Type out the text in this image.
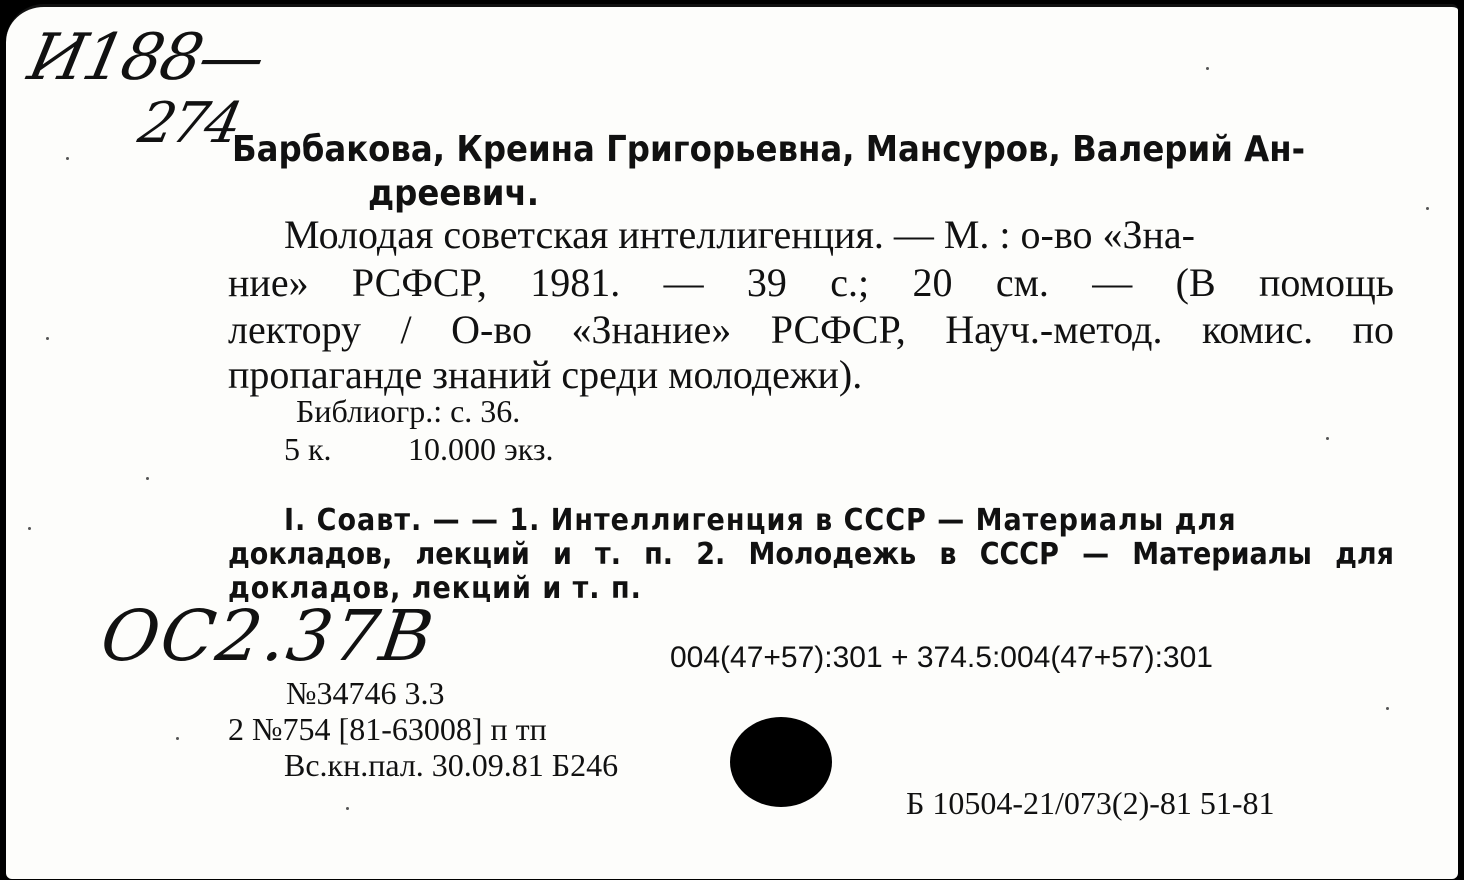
И188—
274
Барбакова, Креина Григорьевна, Мансуров, Валерий Ан-
дреевич.
Молодая советская интеллигенция. — М. : о-во «Зна-
ние» РСФСР, 1981. — 39 с.; 20 см. — (В помощь
лектору / О-во «Знание» РСФСР, Науч.-метод. комис. по
пропаганде знаний среди молодежи).
Библиогр.: с. 36.
5 к. 10.000 экз.
I. Соавт. — — 1. Интеллигенция в СССР — Материалы для
докладов, лекций и т. п. 2. Молодежь в СССР — Материалы для
докладов, лекций и т. п.
ОС2.37В	004(47+57):301 + 374.5:004(47+57):301
№34746 3.3
2 №754 [81-63008] п тп
Вс.кн.пал. 30.09.81 Б246
Б 10504-21/073(2)-81 51-81
